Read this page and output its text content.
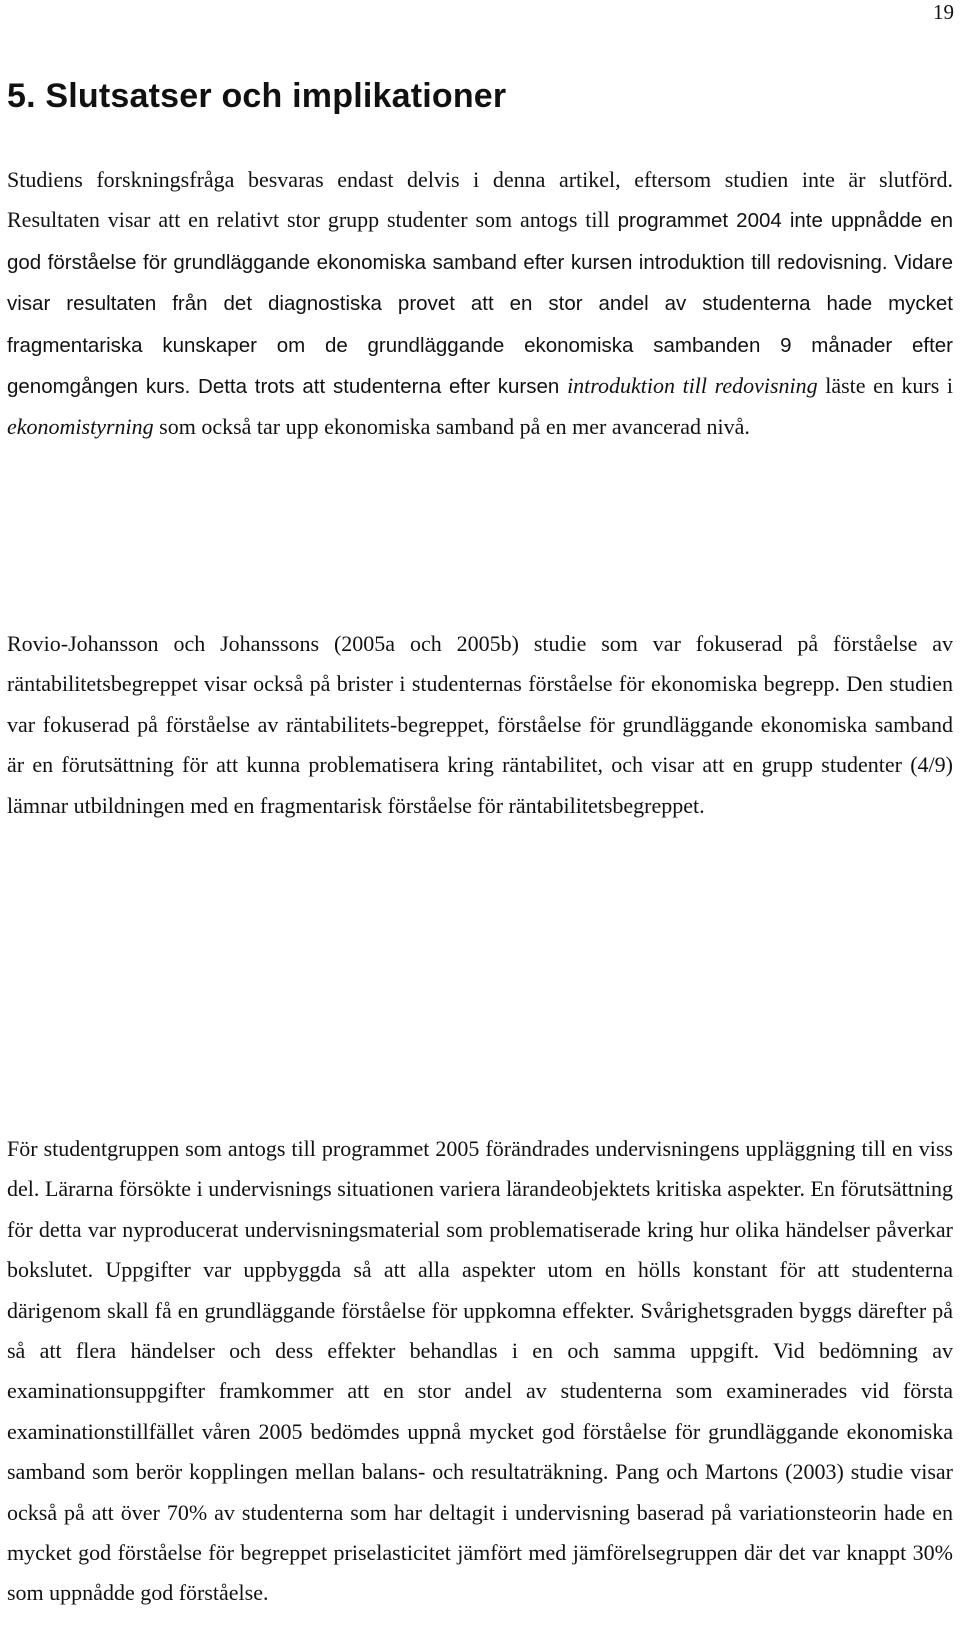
19
5. Slutsatser och implikationer

Studiens forskningsfråga besvaras endast delvis i denna artikel, eftersom studien inte är slutförd. Resultaten visar att en relativt stor grupp studenter som antogs till programmet 2004 inte uppnådde en god förståelse för grundläggande ekonomiska samband efter kursen introduktion till redovisning. Vidare visar resultaten från det diagnostiska provet att en stor andel av studenterna hade mycket fragmentariska kunskaper om de grundläggande ekonomiska sambanden 9 månader efter genomgången kurs. Detta trots att studenterna efter kursen introduktion till redovisning läste en kurs i ekonomistyrning som också tar upp ekonomiska samband på en mer avancerad nivå.

Rovio-Johansson och Johanssons (2005a och 2005b) studie som var fokuserad på förståelse av räntabilitetsbegreppet visar också på brister i studenternas förståelse för ekonomiska begrepp. Den studien var fokuserad på förståelse av räntabilitets-begreppet, förståelse för grundläggande ekonomiska samband är en förutsättning för att kunna problematisera kring räntabilitet, och visar att en grupp studenter (4/9) lämnar utbildningen med en fragmentarisk förståelse för räntabilitetsbegreppet.

För studentgruppen som antogs till programmet 2005 förändrades undervisningens uppläggning till en viss del. Lärarna försökte i undervisnings situationen variera lärandeobjektets kritiska aspekter. En förutsättning för detta var nyproducerat undervisningsmaterial som problematiserade kring hur olika händelser påverkar bokslutet. Uppgifter var uppbyggda så att alla aspekter utom en hölls konstant för att studenterna därigenom skall få en grundläggande förståelse för uppkomna effekter. Svårighetsgraden byggs därefter på så att flera händelser och dess effekter behandlas i en och samma uppgift. Vid bedömning av examinationsuppgifter framkommer att en stor andel av studenterna som examinerades vid första examinationstillfället våren 2005 bedömdes uppnå mycket god förståelse för grundläggande ekonomiska samband som berör kopplingen mellan balans- och resultaträkning. Pang och Martons (2003) studie visar också på att över 70% av studenterna som har deltagit i undervisning baserad på variationsteorin hade en mycket god förståelse för begreppet priselasticitet jämfört med jämförelsegruppen där det var knappt 30% som uppnådde god förståelse.
